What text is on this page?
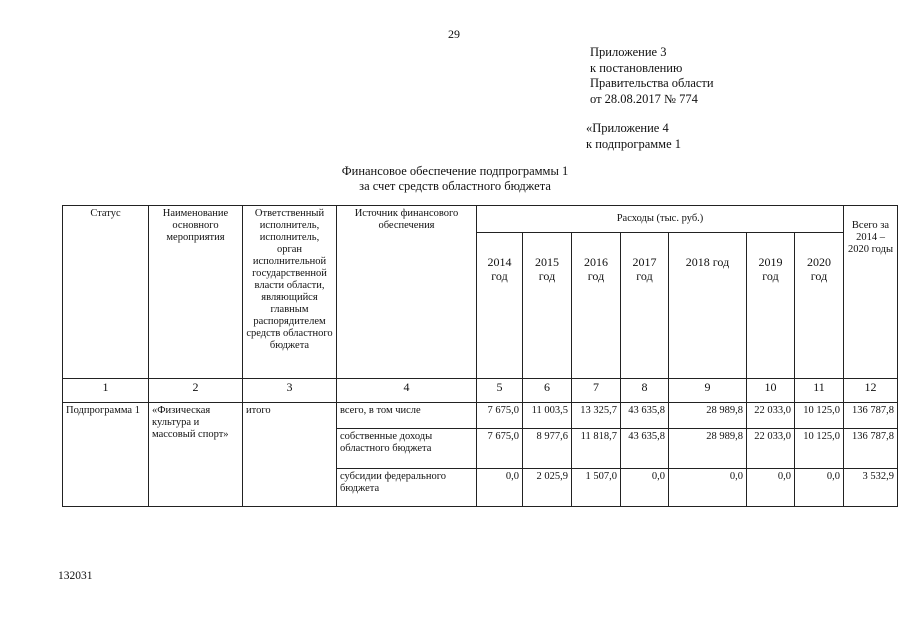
29
Приложение 3
к постановлению
Правительства области
от 28.08.2017 № 774
«Приложение 4
к подпрограмме 1
Финансовое обеспечение подпрограммы 1
за счет средств областного бюджета
Статус	Наименование основного мероприятия	Ответственный исполнитель, исполнитель, орган исполнительной государственной власти области, являющийся главным распорядителем средств областного бюджета	Источник финансового обеспечения	Расходы (тыс. руб.)							Всего за 2014 – 2020 годы
				2014 год	2015 год	2016 год	2017 год	2018 год	2019 год	2020 год	
1	2	3	4	5	6	7	8	9	10	11	12
Подпрограмма 1	«Физическая культура и массовый спорт»	итого	всего, в том числе	7 675,0	11 003,5	13 325,7	43 635,8	28 989,8	22 033,0	10 125,0	136 787,8
			собственные доходы областного бюджета	7 675,0	8 977,6	11 818,7	43 635,8	28 989,8	22 033,0	10 125,0	136 787,8
			субсидии федерального бюджета	0,0	2 025,9	1 507,0	0,0	0,0	0,0	0,0	3 532,9
132031
